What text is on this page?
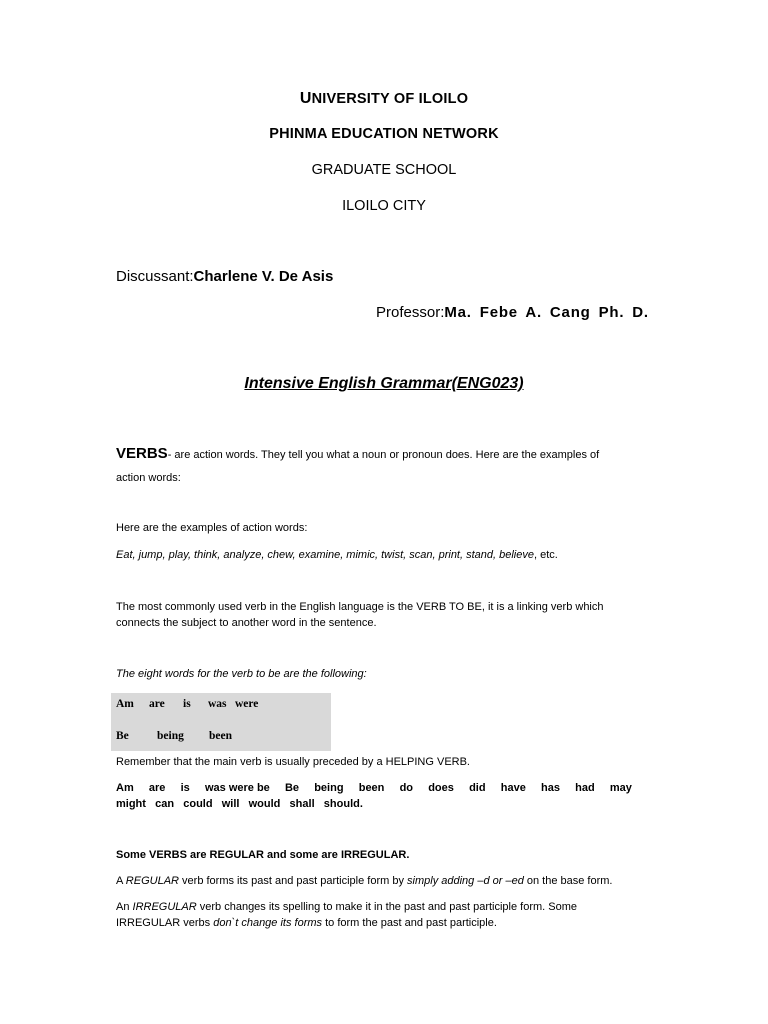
UNIVERSITY OF ILOILO

PHINMA EDUCATION NETWORK

GRADUATE SCHOOL

ILOILO CITY

Discussant:Charlene V. De Asis

Professor:Ma. Febe A. Cang Ph. D.

Intensive English Grammar(ENG023)

VERBS- are action words. They tell you what a noun or pronoun does. Here are the examples of

action words:

Here are the examples of action words:

Eat, jump, play, think, analyze, chew, examine, mimic, twist, scan, print, stand, believe, etc.

The most commonly used verb in the English language is the VERB TO BE, it is a linking verb which

connects the subject to another word in the sentence.

The eight words for the verb to be are the following:

Am are is was were
Be being been

Remember that the main verb is usually preceded by a HELPING VERB.

Am are is was were be Be being been do does did have has had may

might   can   could   will   would   shall   should.

Some VERBS are REGULAR and some are IRREGULAR.

A REGULAR verb forms its past and past participle form by simply adding –d or –ed on the base form.

An IRREGULAR verb changes its spelling to make it in the past and past participle form. Some

IRREGULAR verbs don`t change its forms to form the past and past participle.
